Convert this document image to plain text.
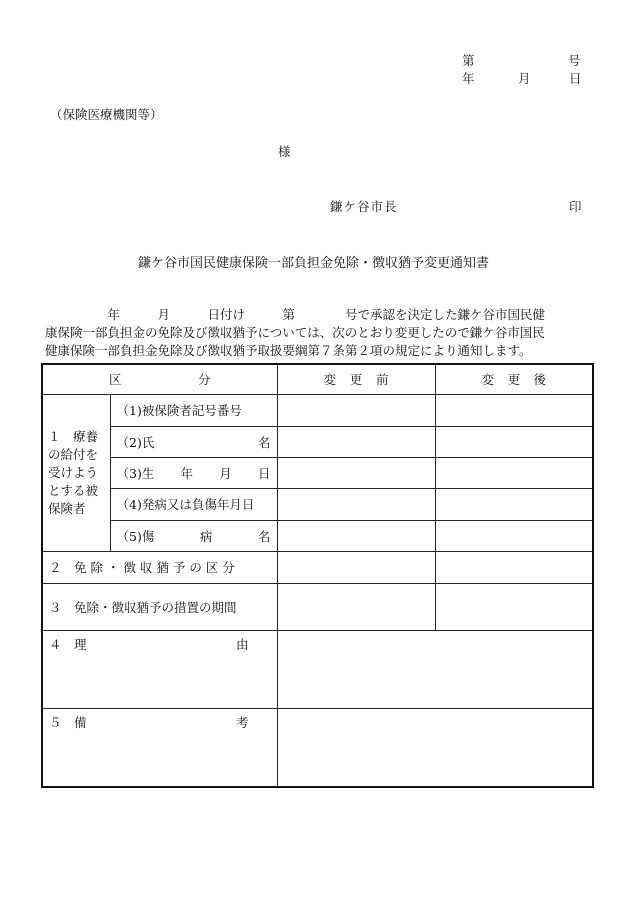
第	号
年	月	日
（保険医療機関等）
様
鎌ケ谷市長	印
鎌ケ谷市国民健康保険一部負担金免除・徴収猶予変更通知書
　　　　　年　　　月　　　日付け　　　第　　　　号で承認を決定した鎌ケ谷市国民健
康保険一部負担金の免除及び徴収猶予については、次のとおり変更したので鎌ケ谷市国民
健康保険一部負担金免除及び徴収猶予取扱要綱第７条第２項の規定により通知します。
区 分		変 更 前	変 更 後

１　療養の給付を受けようとする被保険者	（1)被保険者記号番号		

	（2)氏 名		

	（3)生 年 月 日		

	（4)発病又は負傷年月日		

	（5)傷 病 名		

２　免 除 ・ 徴 収 猶 予 の 区 分			
３　免除・徴収猶予の措置の期間			

４　理 由			

５　備 考			
